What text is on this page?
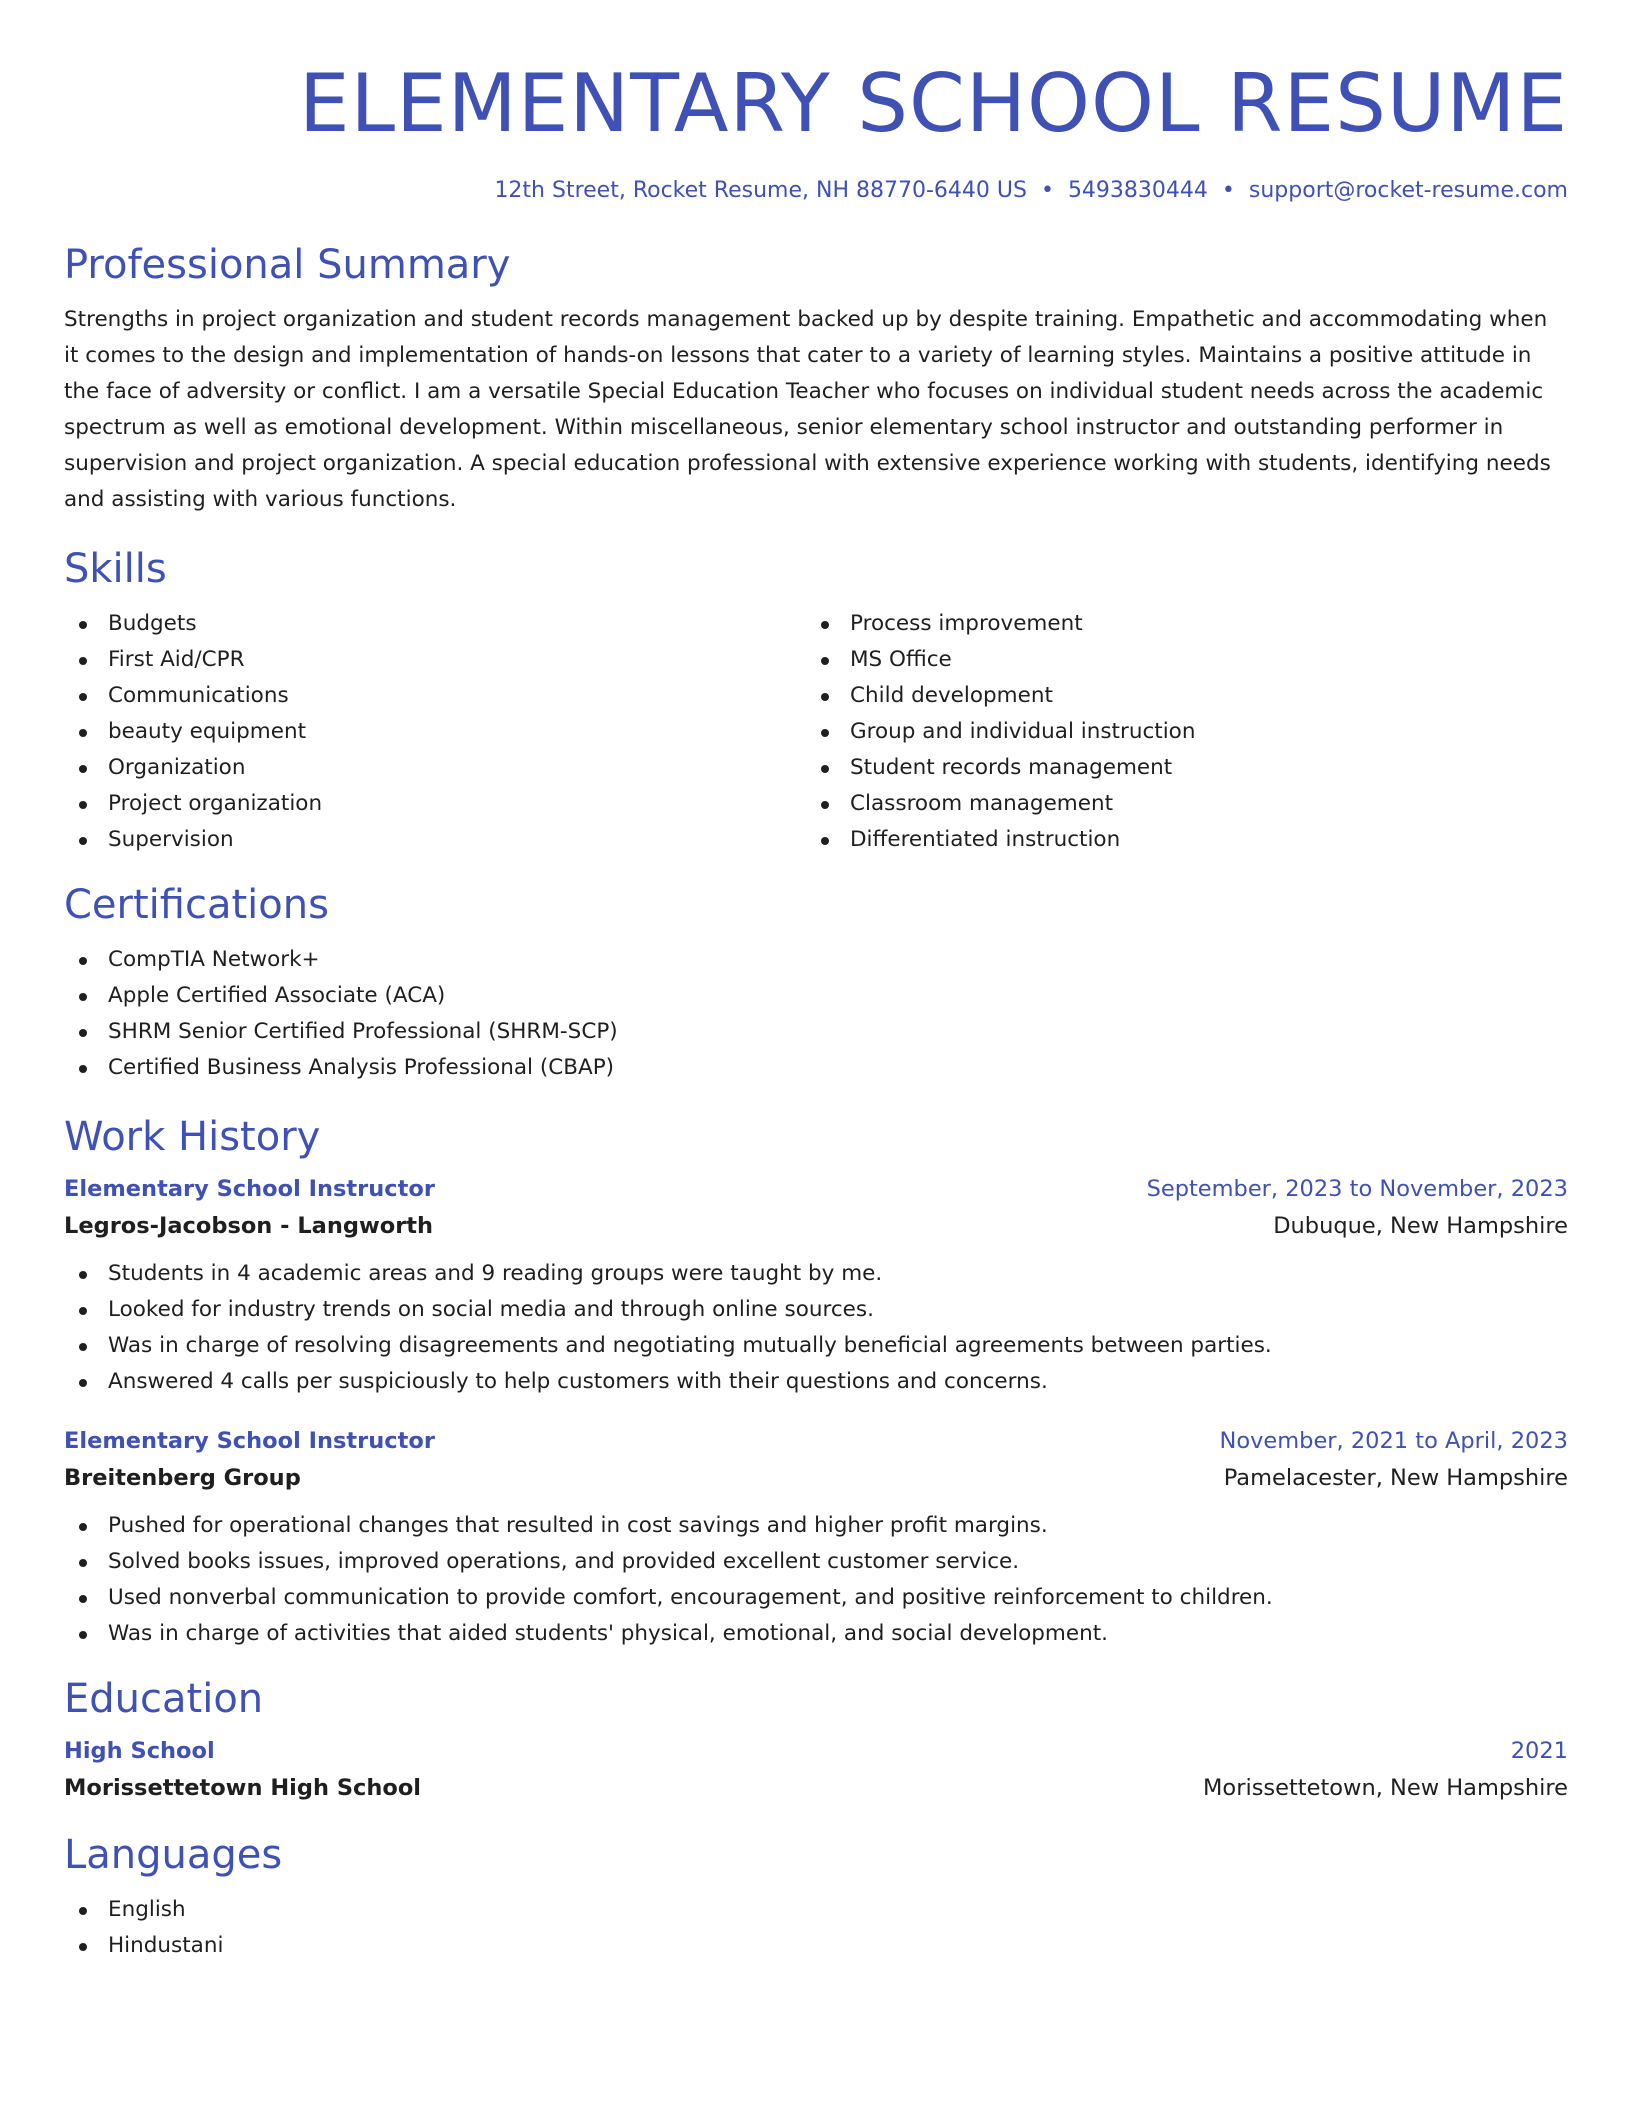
ELEMENTARY SCHOOL RESUME
12th Street, Rocket Resume, NH 88770-6440 US • 5493830444 • support@rocket-resume.com
Professional Summary

Strengths in project organization and student records management backed up by despite training. Empathetic and accommodating when it comes to the design and implementation of hands-on lessons that cater to a variety of learning styles. Maintains a positive attitude in the face of adversity or conflict. I am a versatile Special Education Teacher who focuses on individual student needs across the academic spectrum as well as emotional development. Within miscellaneous, senior elementary school instructor and outstanding performer in supervision and project organization. A special education professional with extensive experience working with students, identifying needs and assisting with various functions.

Skills
Budgets
First Aid/CPR
Communications
beauty equipment
Organization
Project organization
Supervision
Process improvement
MS Office
Child development
Group and individual instruction
Student records management
Classroom management
Differentiated instruction
Certifications
CompTIA Network+
Apple Certified Associate (ACA)
SHRM Senior Certified Professional (SHRM-SCP)
Certified Business Analysis Professional (CBAP)
Work History
Elementary School Instructor	September, 2023 to November, 2023
Legros-Jacobson - Langworth	Dubuque, New Hampshire
Students in 4 academic areas and 9 reading groups were taught by me.
Looked for industry trends on social media and through online sources.
Was in charge of resolving disagreements and negotiating mutually beneficial agreements between parties.
Answered 4 calls per suspiciously to help customers with their questions and concerns.
Elementary School Instructor	November, 2021 to April, 2023
Breitenberg Group	Pamelacester, New Hampshire
Pushed for operational changes that resulted in cost savings and higher profit margins.
Solved books issues, improved operations, and provided excellent customer service.
Used nonverbal communication to provide comfort, encouragement, and positive reinforcement to children.
Was in charge of activities that aided students' physical, emotional, and social development.
Education
High School	2021
Morissettetown High School	Morissettetown, New Hampshire
Languages
English
Hindustani
